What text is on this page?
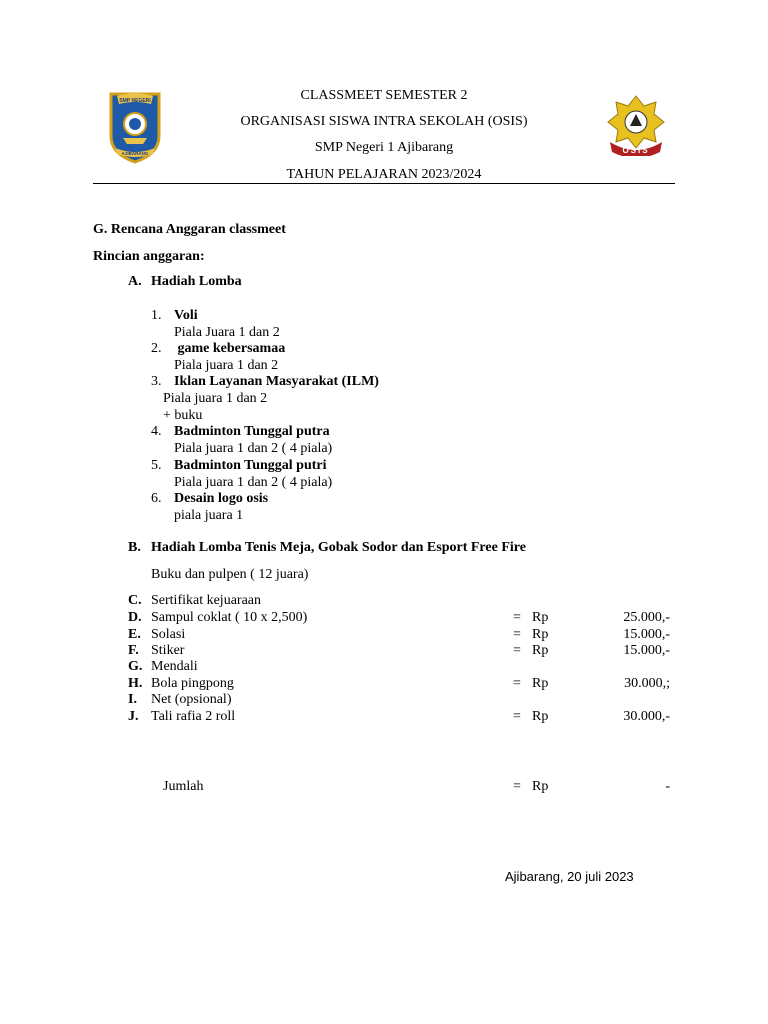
SMP NEGERI
AJIBARANG	OSIS
CLASSMEET SEMESTER 2
ORGANISASI SISWA INTRA SEKOLAH (OSIS)
SMP Negeri 1 Ajibarang
TAHUN PELAJARAN 2023/2024
G. Rencana Anggaran classmeet
Rincian anggaran:
A. Hadiah Lomba
1. Voli
Piala Juara 1 dan 2
2. game kebersamaa
Piala juara 1 dan 2
3. Iklan Layanan Masyarakat (ILM)
Piala juara 1 dan 2
+ buku
4. Badminton Tunggal putra
Piala juara 1 dan 2 ( 4 piala)
5. Badminton Tunggal putri
Piala juara 1 dan 2 ( 4 piala)
6. Desain logo osis
piala juara 1
B. Hadiah Lomba Tenis Meja, Gobak Sodor dan Esport Free Fire
Buku dan pulpen ( 12 juara)
C. Sertifikat kejuaraan
D. Sampul coklat ( 10 x 2,500)	= Rp	25.000,-
E. Solasi	= Rp	15.000,-
F. Stiker	= Rp	15.000,-
G. Mendali
H. Bola pingpong	= Rp	30.000,;
I. Net (opsional)
J. Tali rafia 2 roll	= Rp	30.000,-
Jumlah	= Rp	-
Ajibarang, 20 juli 2023
